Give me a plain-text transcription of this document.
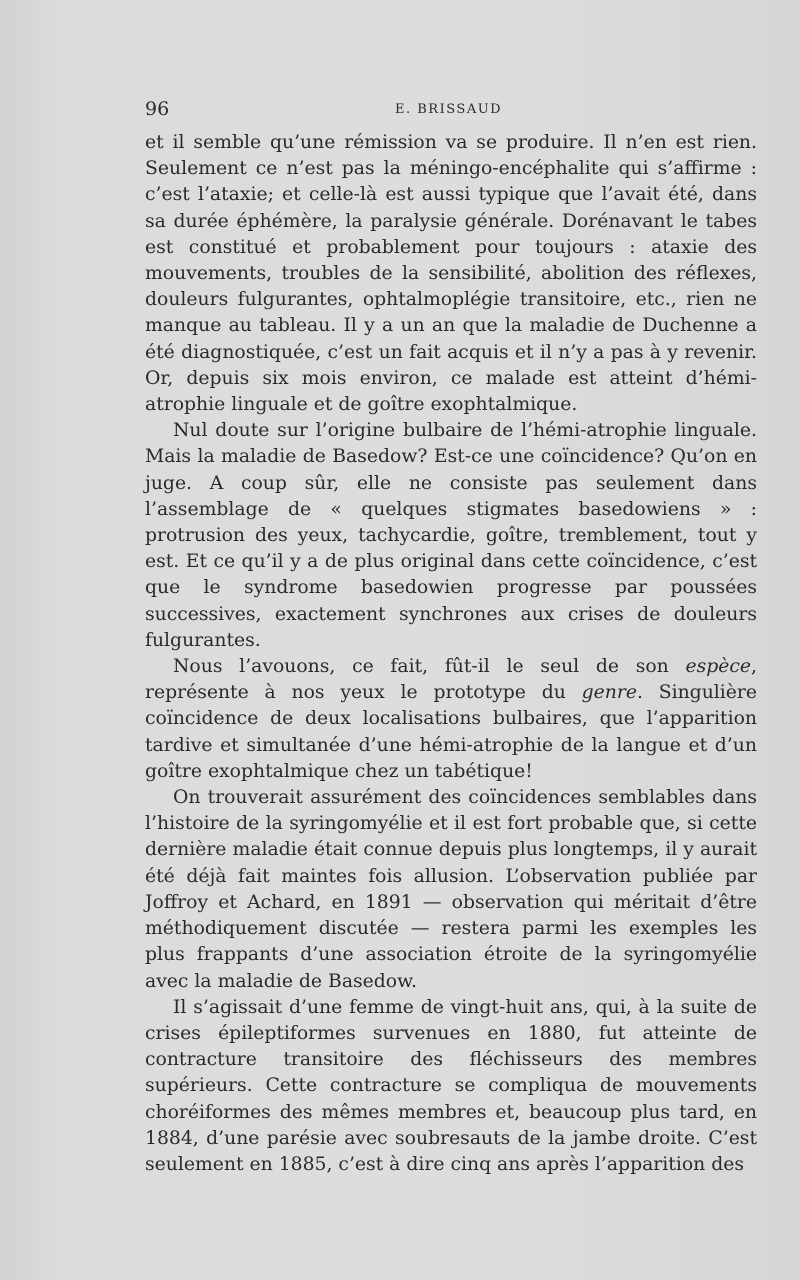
96	E. BRISSAUD

et il semble qu’une rémission va se produire. Il n’en est rien. Seulement ce n’est pas la méningo-encéphalite qui s’affirme : c’est l’ataxie; et celle-là est aussi typique que l’avait été, dans sa durée éphémère, la paralysie générale. Dorénavant le tabes est constitué et probablement pour toujours : ataxie des mouvements, troubles de la sensibilité, abolition des réflexes, douleurs fulgurantes, ophtalmoplégie transitoire, etc., rien ne manque au tableau. Il y a un an que la maladie de Duchenne a été diagnostiquée, c’est un fait acquis et il n’y a pas à y revenir. Or, depuis six mois environ, ce malade est atteint d’hémi-atrophie linguale et de goître exophtalmique.

Nul doute sur l’origine bulbaire de l’hémi-atrophie linguale. Mais la maladie de Basedow? Est-ce une coïncidence? Qu’on en juge. A coup sûr, elle ne consiste pas seulement dans l’assemblage de « quelques stigmates basedowiens » : protrusion des yeux, tachycardie, goître, tremblement, tout y est. Et ce qu’il y a de plus original dans cette coïncidence, c’est que le syndrome basedowien progresse par poussées successives, exactement synchrones aux crises de douleurs fulgurantes.

Nous l’avouons, ce fait, fût-il le seul de son espèce, représente à nos yeux le prototype du genre. Singulière coïncidence de deux localisations bulbaires, que l’apparition tardive et simultanée d’une hémi-atrophie de la langue et d’un goître exophtalmique chez un tabétique!

On trouverait assurément des coïncidences semblables dans l’histoire de la syringomyélie et il est fort probable que, si cette dernière maladie était connue depuis plus longtemps, il y aurait été déjà fait maintes fois allusion. L’observation publiée par Joffroy et Achard, en 1891 — observation qui méritait d’être méthodiquement discutée — restera parmi les exemples les plus frappants d’une association étroite de la syringomyélie avec la maladie de Basedow.

Il s’agissait d’une femme de vingt-huit ans, qui, à la suite de crises épileptiformes survenues en 1880, fut atteinte de contracture transitoire des fléchisseurs des membres supérieurs. Cette contracture se compliqua de mouvements choréiformes des mêmes membres et, beaucoup plus tard, en 1884, d’une parésie avec soubresauts de la jambe droite. C’est seulement en 1885, c’est à dire cinq ans après l’apparition des
